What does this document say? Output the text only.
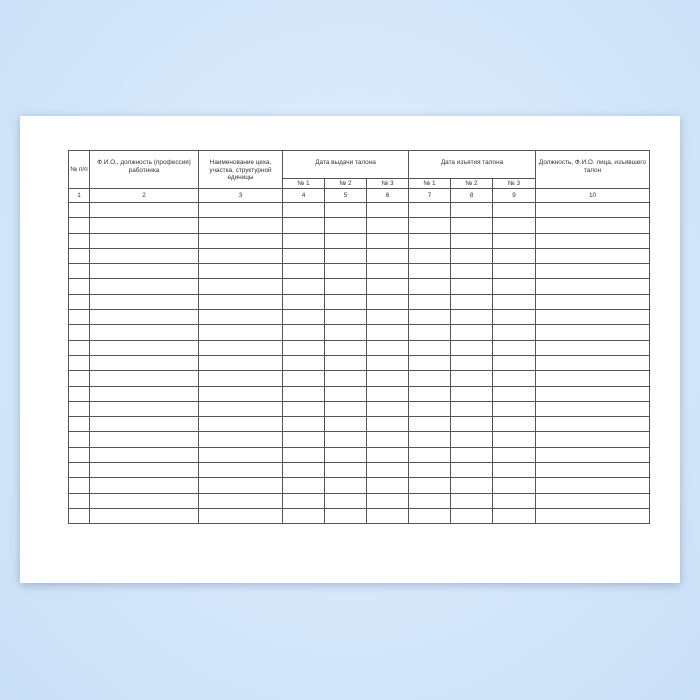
№ п/п	Ф.И.О., должность (профессия) работника	Наименование цеха, участка, структурной единицы	Дата выдачи талона			Дата изъятия талона			Должность, Ф.И.О. лица, изъявшего талон
			№ 1	№ 2	№ 3	№ 1	№ 2	№ 3	
1	2	3	4	5	6	7	8	9	10
